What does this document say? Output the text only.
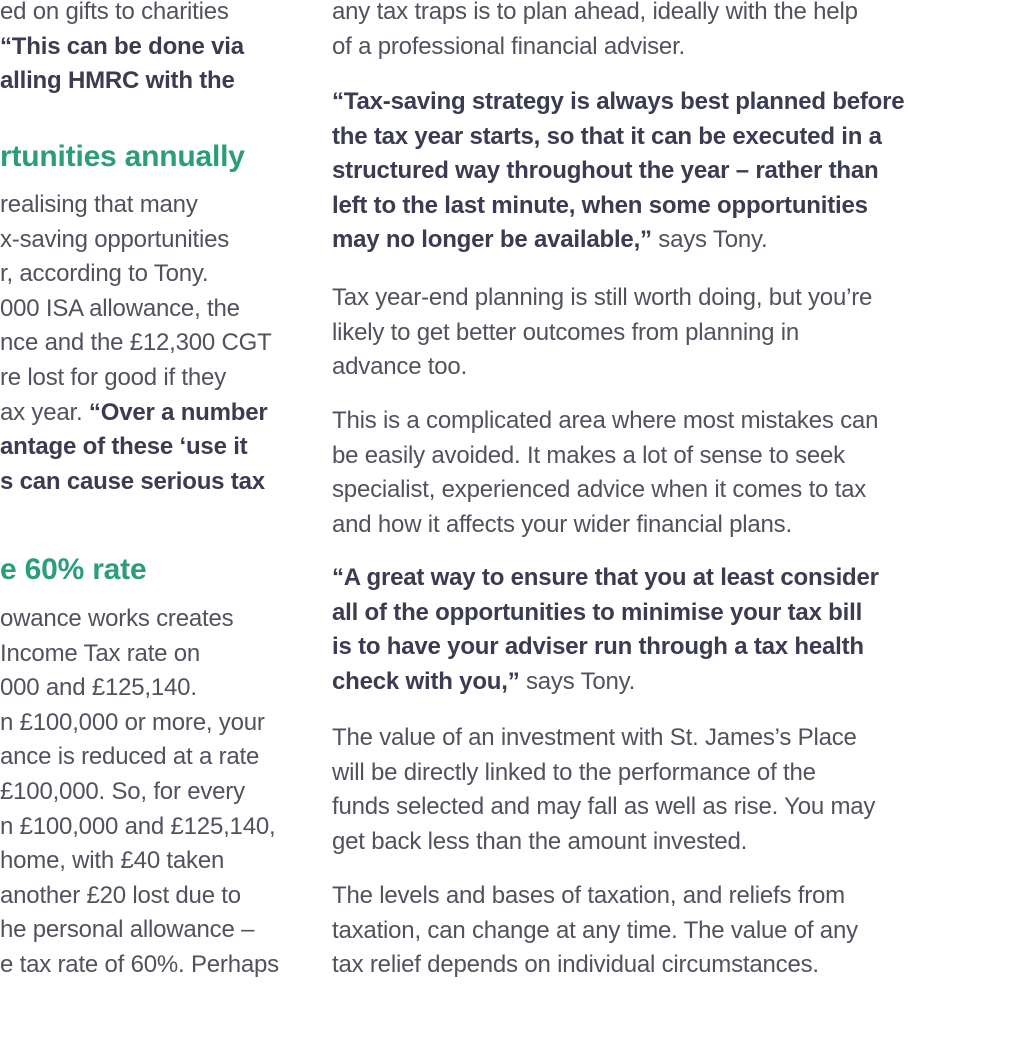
ed on gifts to charities
“This can be done via
alling HMRC with the
rtunities annually
realising that many
x-saving opportunities
r, according to Tony.
000 ISA allowance, the
nce and the £12,300 CGT
re lost for good if they
ax year. “Over a number
antage of these ‘use it
s can cause serious tax
e 60% rate
owance works creates
Income Tax rate on
000 and £125,140.
n £100,000 or more, your
ance is reduced at a rate
£100,000. So, for every
n £100,000 and £125,140,
home, with £40 taken
another £20 lost due to
he personal allowance –
e tax rate of 60%. Perhaps
any tax traps is to plan ahead, ideally with the help
of a professional financial adviser.
“Tax-saving strategy is always best planned before
the tax year starts, so that it can be executed in a
structured way throughout the year – rather than
left to the last minute, when some opportunities
may no longer be available,” says Tony.
Tax year-end planning is still worth doing, but you’re
likely to get better outcomes from planning in
advance too.
This is a complicated area where most mistakes can
be easily avoided. It makes a lot of sense to seek
specialist, experienced advice when it comes to tax
and how it affects your wider financial plans.
“A great way to ensure that you at least consider
all of the opportunities to minimise your tax bill
is to have your adviser run through a tax health
check with you,” says Tony.
The value of an investment with St. James’s Place
will be directly linked to the performance of the
funds selected and may fall as well as rise. You may
get back less than the amount invested.
The levels and bases of taxation, and reliefs from
taxation, can change at any time. The value of any
tax relief depends on individual circumstances.
